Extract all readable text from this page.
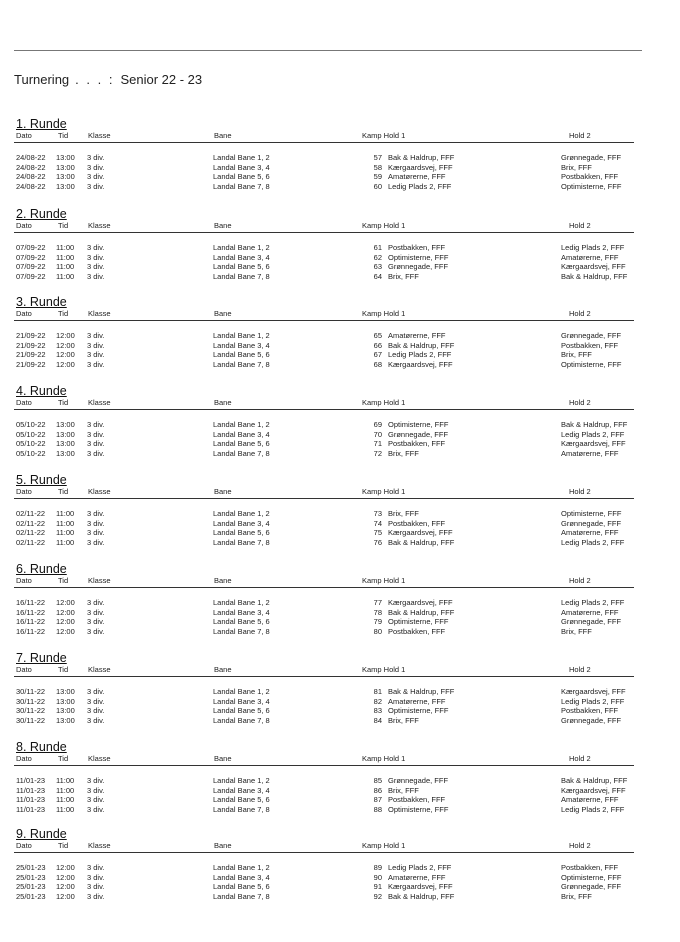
Turnering . . . : Senior 22 - 23
1. Runde
Dato	Tid	Klasse	Bane	Kamp Hold 1	Hold 2
24/08-22 13:00 3 div.	Landal Bane 1, 2	57 Bak & Haldrup, FFF	Grønnegade, FFF
24/08-22 13:00 3 div.	Landal Bane 3, 4	58 Kærgaardsvej, FFF	Brix, FFF
24/08-22 13:00 3 div.	Landal Bane 5, 6	59 Amatørerne, FFF	Postbakken, FFF
24/08-22 13:00 3 div.	Landal Bane 7, 8	60 Ledig Plads 2, FFF	Optimisterne, FFF
2. Runde
Dato	Tid	Klasse	Bane	Kamp Hold 1	Hold 2
07/09-22 11:00 3 div.	Landal Bane 1, 2	61 Postbakken, FFF	Ledig Plads 2, FFF
07/09-22 11:00 3 div.	Landal Bane 3, 4	62 Optimisterne, FFF	Amatørerne, FFF
07/09-22 11:00 3 div.	Landal Bane 5, 6	63 Grønnegade, FFF	Kærgaardsvej, FFF
07/09-22 11:00 3 div.	Landal Bane 7, 8	64 Brix, FFF	Bak & Haldrup, FFF
3. Runde
Dato	Tid	Klasse	Bane	Kamp Hold 1	Hold 2
21/09-22 12:00 3 div.	Landal Bane 1, 2	65 Amatørerne, FFF	Grønnegade, FFF
21/09-22 12:00 3 div.	Landal Bane 3, 4	66 Bak & Haldrup, FFF	Postbakken, FFF
21/09-22 12:00 3 div.	Landal Bane 5, 6	67 Ledig Plads 2, FFF	Brix, FFF
21/09-22 12:00 3 div.	Landal Bane 7, 8	68 Kærgaardsvej, FFF	Optimisterne, FFF
4. Runde
Dato	Tid	Klasse	Bane	Kamp Hold 1	Hold 2
05/10-22 13:00 3 div.	Landal Bane 1, 2	69 Optimisterne, FFF	Bak & Haldrup, FFF
05/10-22 13:00 3 div.	Landal Bane 3, 4	70 Grønnegade, FFF	Ledig Plads 2, FFF
05/10-22 13:00 3 div.	Landal Bane 5, 6	71 Postbakken, FFF	Kærgaardsvej, FFF
05/10-22 13:00 3 div.	Landal Bane 7, 8	72 Brix, FFF	Amatørerne, FFF
5. Runde
Dato	Tid	Klasse	Bane	Kamp Hold 1	Hold 2
02/11-22 11:00 3 div.	Landal Bane 1, 2	73 Brix, FFF	Optimisterne, FFF
02/11-22 11:00 3 div.	Landal Bane 3, 4	74 Postbakken, FFF	Grønnegade, FFF
02/11-22 11:00 3 div.	Landal Bane 5, 6	75 Kærgaardsvej, FFF	Amatørerne, FFF
02/11-22 11:00 3 div.	Landal Bane 7, 8	76 Bak & Haldrup, FFF	Ledig Plads 2, FFF
6. Runde
Dato	Tid	Klasse	Bane	Kamp Hold 1	Hold 2
16/11-22 12:00 3 div.	Landal Bane 1, 2	77 Kærgaardsvej, FFF	Ledig Plads 2, FFF
16/11-22 12:00 3 div.	Landal Bane 3, 4	78 Bak & Haldrup, FFF	Amatørerne, FFF
16/11-22 12:00 3 div.	Landal Bane 5, 6	79 Optimisterne, FFF	Grønnegade, FFF
16/11-22 12:00 3 div.	Landal Bane 7, 8	80 Postbakken, FFF	Brix, FFF
7. Runde
Dato	Tid	Klasse	Bane	Kamp Hold 1	Hold 2
30/11-22 13:00 3 div.	Landal Bane 1, 2	81 Bak & Haldrup, FFF	Kærgaardsvej, FFF
30/11-22 13:00 3 div.	Landal Bane 3, 4	82 Amatørerne, FFF	Ledig Plads 2, FFF
30/11-22 13:00 3 div.	Landal Bane 5, 6	83 Optimisterne, FFF	Postbakken, FFF
30/11-22 13:00 3 div.	Landal Bane 7, 8	84 Brix, FFF	Grønnegade, FFF
8. Runde
Dato	Tid	Klasse	Bane	Kamp Hold 1	Hold 2
11/01-23 11:00 3 div.	Landal Bane 1, 2	85 Grønnegade, FFF	Bak & Haldrup, FFF
11/01-23 11:00 3 div.	Landal Bane 3, 4	86 Brix, FFF	Kærgaardsvej, FFF
11/01-23 11:00 3 div.	Landal Bane 5, 6	87 Postbakken, FFF	Amatørerne, FFF
11/01-23 11:00 3 div.	Landal Bane 7, 8	88 Optimisterne, FFF	Ledig Plads 2, FFF
9. Runde
Dato	Tid	Klasse	Bane	Kamp Hold 1	Hold 2
25/01-23 12:00 3 div.	Landal Bane 1, 2	89 Ledig Plads 2, FFF	Postbakken, FFF
25/01-23 12:00 3 div.	Landal Bane 3, 4	90 Amatørerne, FFF	Optimisterne, FFF
25/01-23 12:00 3 div.	Landal Bane 5, 6	91 Kærgaardsvej, FFF	Grønnegade, FFF
25/01-23 12:00 3 div.	Landal Bane 7, 8	92 Bak & Haldrup, FFF	Brix, FFF
